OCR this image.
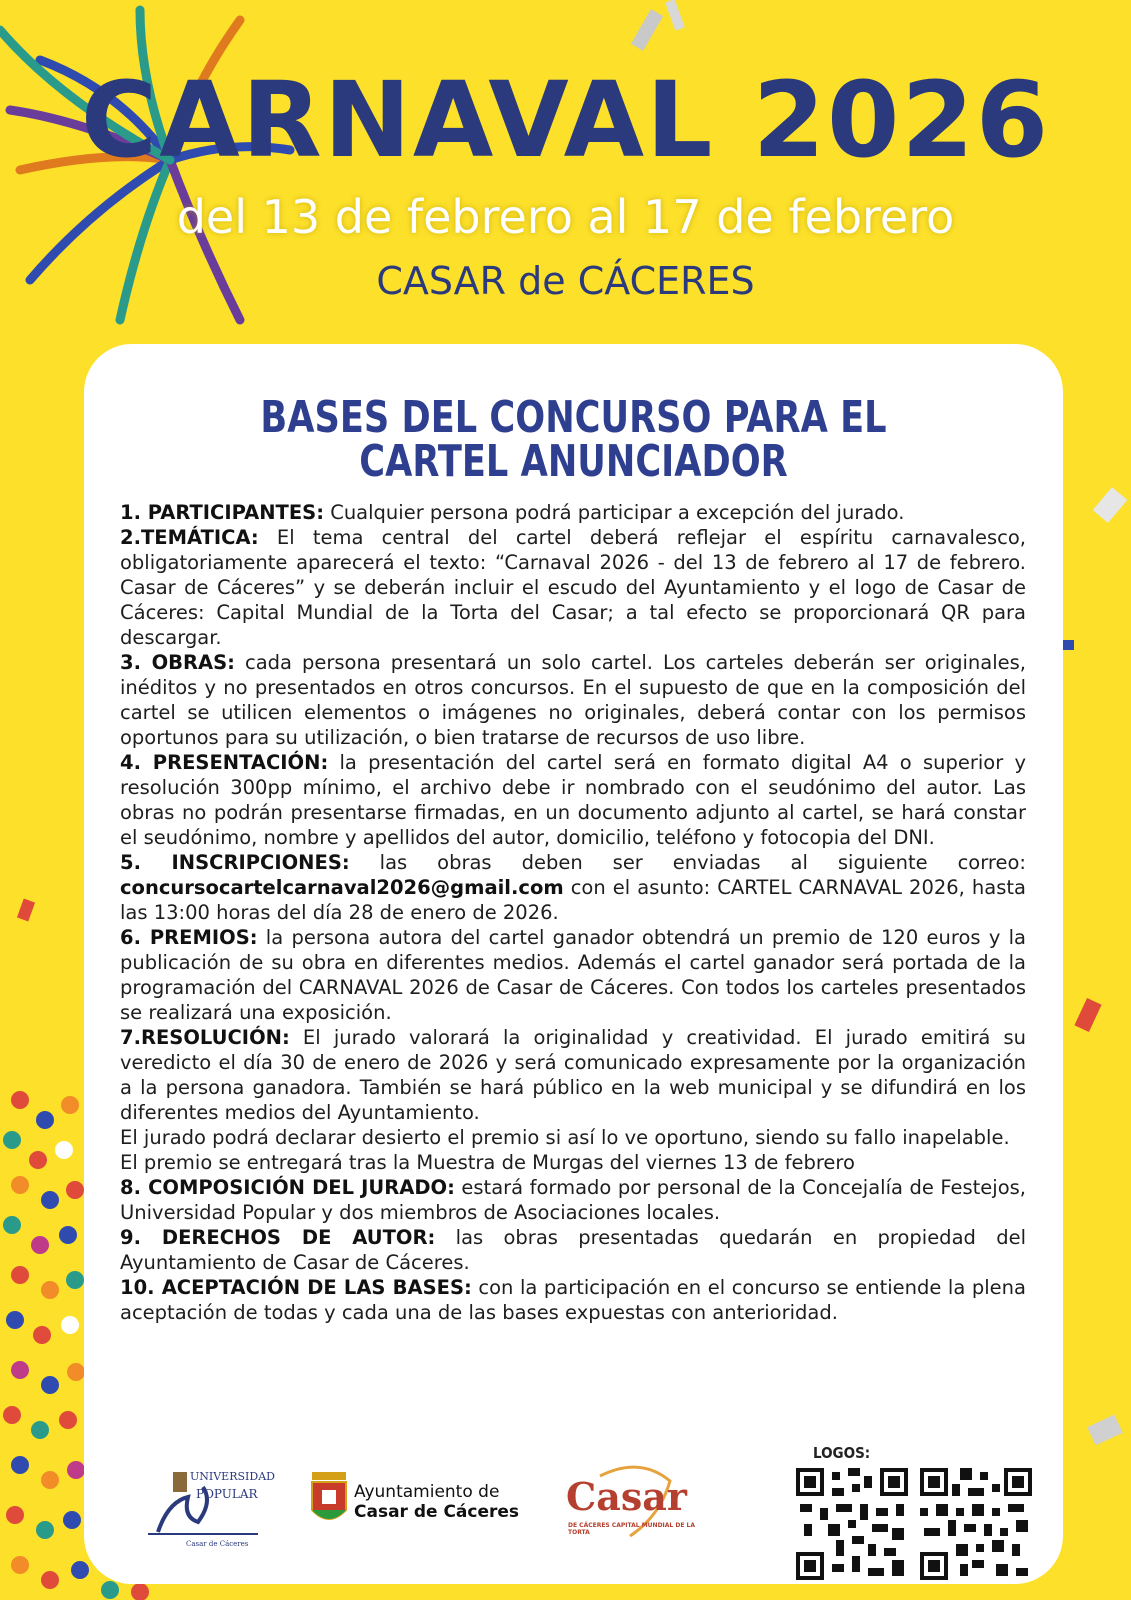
CARNAVAL 2026
del 13 de febrero al 17 de febrero
CASAR de CÁCERES
BASES DEL CONCURSO PARA EL CARTEL ANUNCIADOR

1. PARTICIPANTES: Cualquier persona podrá participar a excepción del jurado.

2.TEMÁTICA: El tema central del cartel deberá reflejar el espíritu carnavalesco, obligatoriamente aparecerá el texto: “Carnaval 2026 - del 13 de febrero al 17 de febrero. Casar de Cáceres” y se deberán incluir el escudo del Ayuntamiento y el logo de Casar de Cáceres: Capital Mundial de la Torta del Casar; a tal efecto se proporcionará QR para descargar.

3. OBRAS: cada persona presentará un solo cartel. Los carteles deberán ser originales, inéditos y no presentados en otros concursos. En el supuesto de que en la composición del cartel se utilicen elementos o imágenes no originales, deberá contar con los permisos oportunos para su utilización, o bien tratarse de recursos de uso libre.

4. PRESENTACIÓN: la presentación del cartel será en formato digital A4 o superior y resolución 300pp mínimo, el archivo debe ir nombrado con el seudónimo del autor. Las obras no podrán presentarse firmadas, en un documento adjunto al cartel, se hará constar el seudónimo, nombre y apellidos del autor, domicilio, teléfono y fotocopia del DNI.

5. INSCRIPCIONES: las obras deben ser enviadas al siguiente correo: concursocartelcarnaval2026@gmail.com con el asunto: CARTEL CARNAVAL 2026, hasta las 13:00 horas del día 28 de enero de 2026.

6. PREMIOS: la persona autora del cartel ganador obtendrá un premio de 120 euros y la publicación de su obra en diferentes medios. Además el cartel ganador será portada de la programación del CARNAVAL 2026 de Casar de Cáceres. Con todos los carteles presentados se realizará una exposición.

7.RESOLUCIÓN: El jurado valorará la originalidad y creatividad. El jurado emitirá su veredicto el día 30 de enero de 2026 y será comunicado expresamente por la organización a la persona ganadora. También se hará público en la web municipal y se difundirá en los diferentes medios del Ayuntamiento.

El jurado podrá declarar desierto el premio si así lo ve oportuno, siendo su fallo inapelable.

El premio se entregará tras la Muestra de Murgas del viernes 13 de febrero

8. COMPOSICIÓN DEL JURADO: estará formado por personal de la Concejalía de Festejos, Universidad Popular y dos miembros de Asociaciones locales.

9. DERECHOS DE AUTOR: las obras presentadas quedarán en propiedad del Ayuntamiento de Casar de Cáceres.

10. ACEPTACIÓN DE LAS BASES: con la participación en el concurso se entiende la plena aceptación de todas y cada una de las bases expuestas con anterioridad.

LOGOS:
UNIVERSIDAD
POPULAR
Casar de Cáceres
Ayuntamiento de
Casar de Cáceres	Casar
DE CÁCERES CAPITAL MUNDIAL DE LA TORTA
